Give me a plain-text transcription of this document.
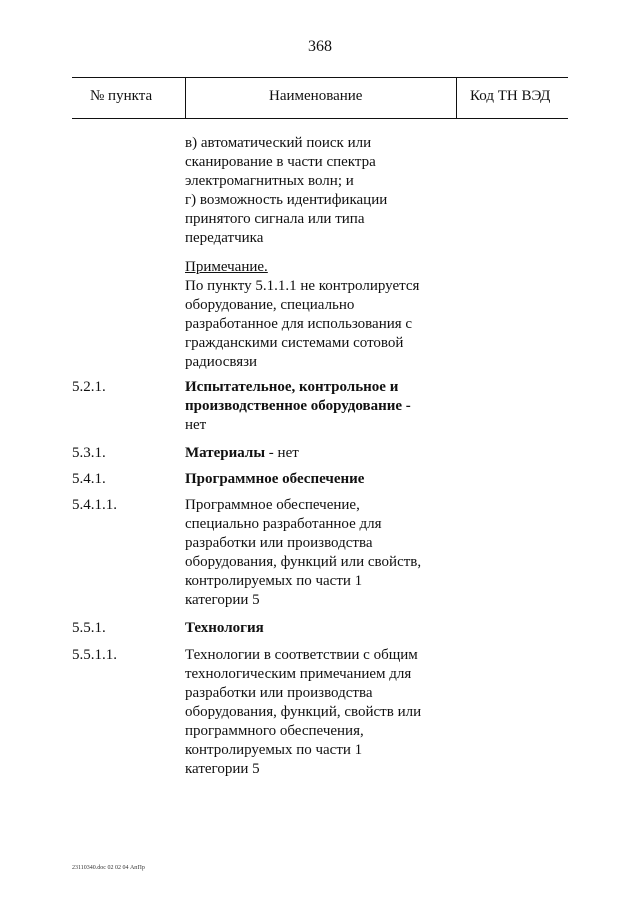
368
№ пункта	Наименование	Код ТН ВЭД

в) автоматический поиск или

сканирование в части спектра

электромагнитных волн; и

г) возможность идентификации

принятого сигнала или типа

передатчика

Примечание.

По пункту 5.1.1.1 не контролируется

оборудование, специально

разработанное для использования с

гражданскими системами сотовой

радиосвязи

5.2.1.	Испытательное, контрольное и

производственное оборудование -

нет

5.3.1.	Материалы - нет

5.4.1.	Программное обеспечение

5.4.1.1.	Программное обеспечение,

специально разработанное для

разработки или производства

оборудования, функций или свойств,

контролируемых по части 1

категории 5

5.5.1.	Технология

5.5.1.1.	Технологии в соответствии с общим

технологическим примечанием для

разработки или производства

оборудования, функций, свойств или

программного обеспечения,

контролируемых по части 1

категории 5

23110340.doc 02 02 04 АпПр
